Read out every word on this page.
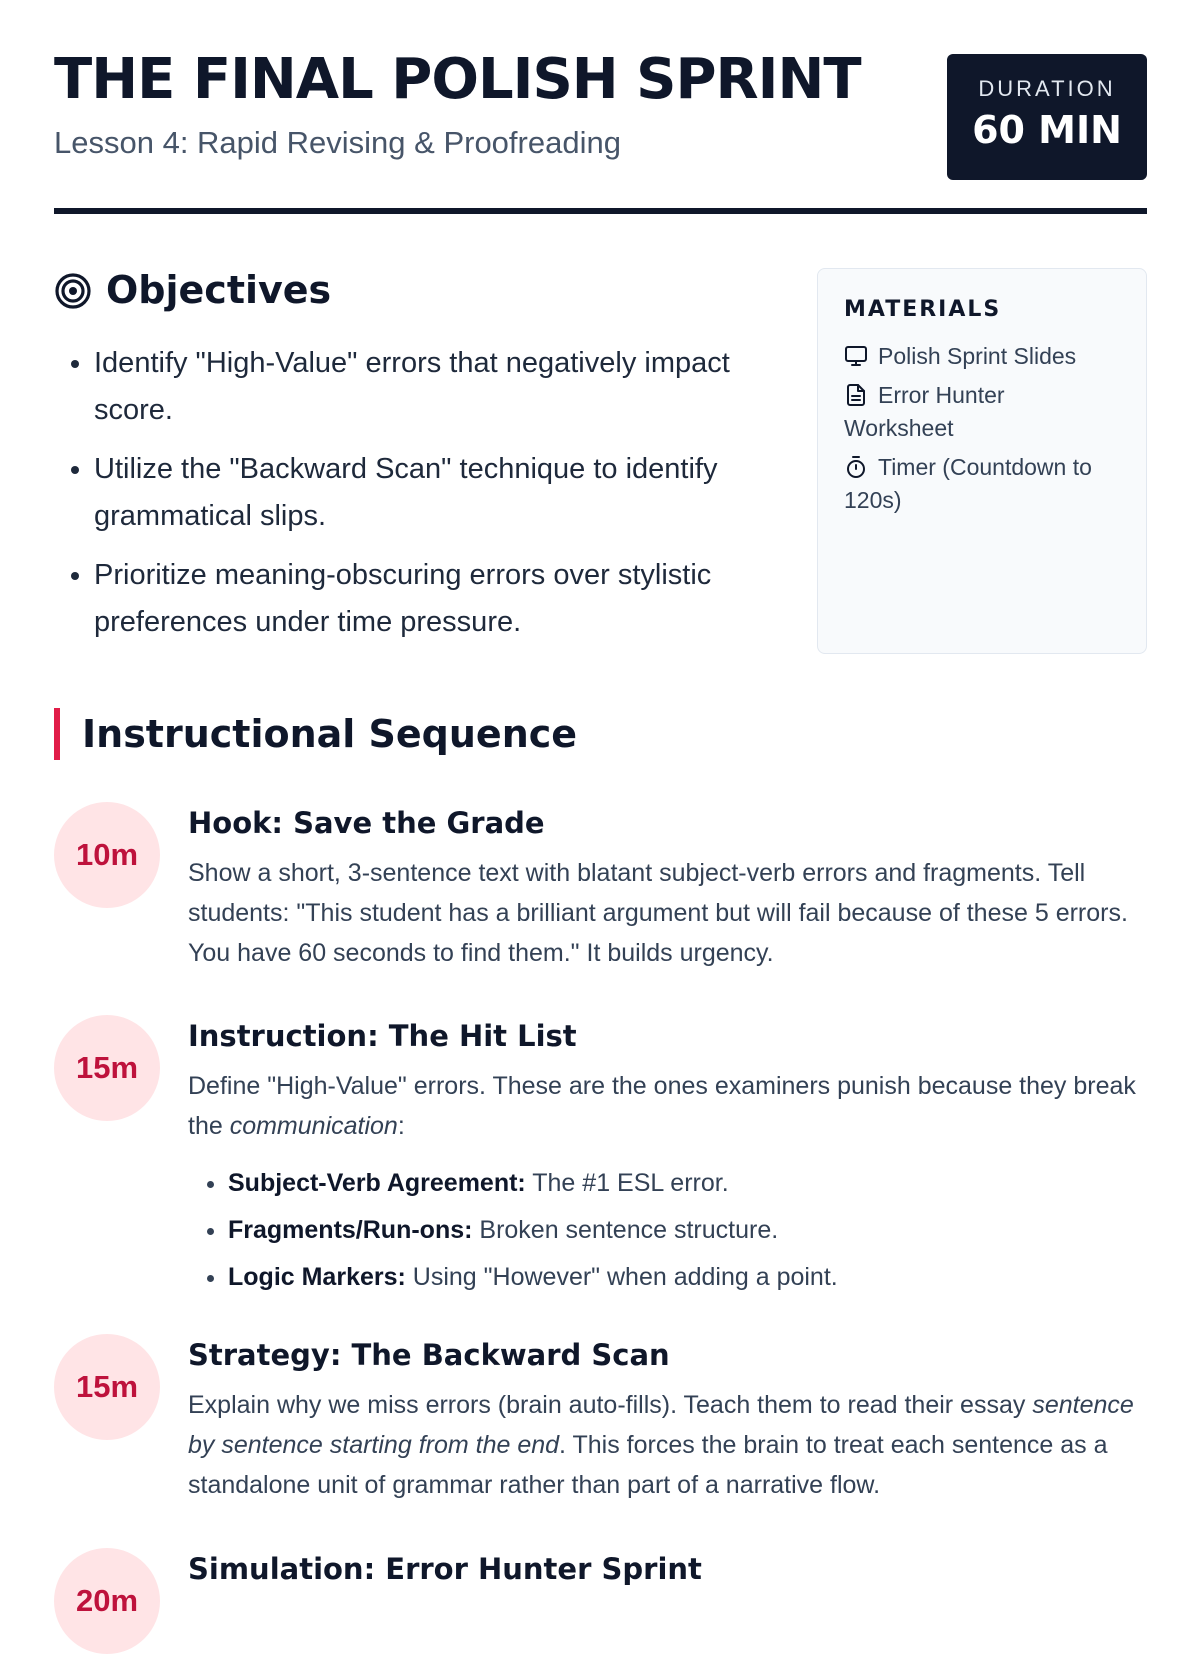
THE FINAL POLISH SPRINT
Lesson 4: Rapid Revising & Proofreading
DURATION
60 MIN
Objectives
• Identify "High-Value" errors that negatively impact score.
• Utilize the "Backward Scan" technique to identify grammatical slips.
• Prioritize meaning-obscuring errors over stylistic preferences under time pressure.
MATERIALS
Polish Sprint Slides
Error Hunter Worksheet
Timer (Countdown to 120s)
Instructional Sequence
10m
Hook: Save the Grade

Show a short, 3-sentence text with blatant subject-verb errors and fragments. Tell students: "This student has a brilliant argument but will fail because of these 5 errors. You have 60 seconds to find them." It builds urgency.

15m
Instruction: The Hit List

Define "High-Value" errors. These are the ones examiners punish because they break the communication:

• Subject-Verb Agreement: The #1 ESL error.
• Fragments/Run-ons: Broken sentence structure.
• Logic Markers: Using "However" when adding a point.
15m
Strategy: The Backward Scan

Explain why we miss errors (brain auto-fills). Teach them to read their essay sentence by sentence starting from the end. This forces the brain to treat each sentence as a standalone unit of grammar rather than part of a narrative flow.

20m
Simulation: Error Hunter Sprint
